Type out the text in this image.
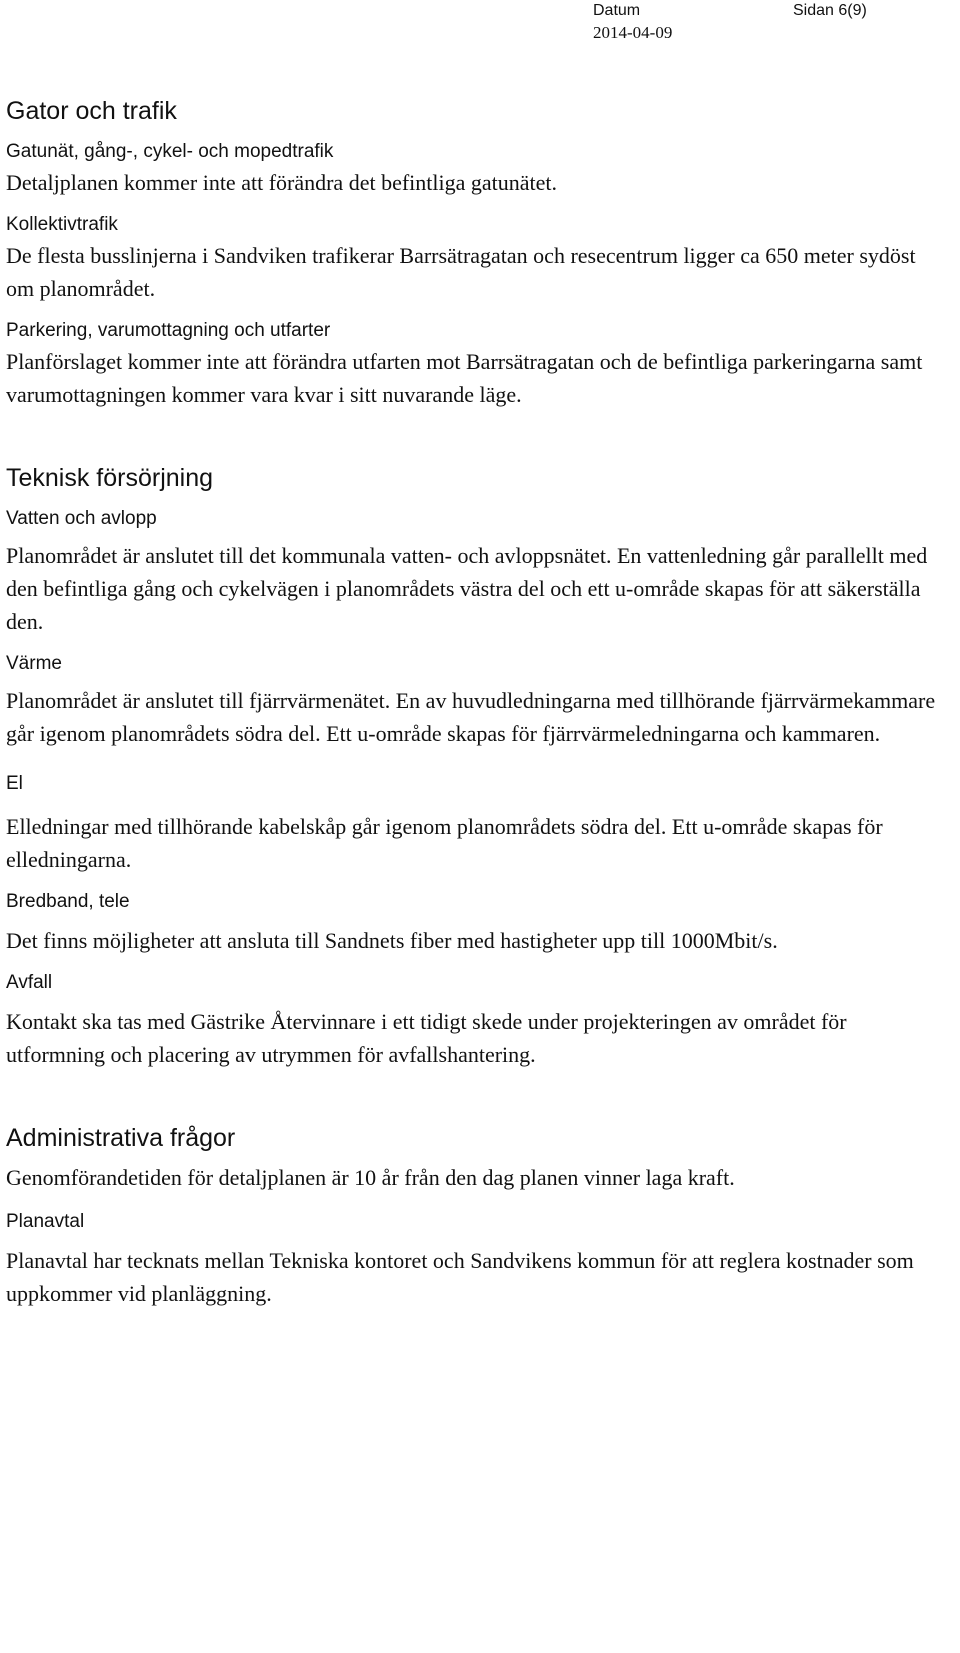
Datum	Sidan 6(9)
2014-04-09
Gator och trafik
Gatunät, gång-, cykel- och mopedtrafik

Detaljplanen kommer inte att förändra det befintliga gatunätet.

Kollektivtrafik

De flesta busslinjerna i Sandviken trafikerar Barrsätragatan och resecentrum ligger ca 650 meter sydöst om planområdet.

Parkering, varumottagning och utfarter

Planförslaget kommer inte att förändra utfarten mot Barrsätragatan och de befintliga parkeringarna samt varumottagningen kommer vara kvar i sitt nuvarande läge.

Teknisk försörjning
Vatten och avlopp

Planområdet är anslutet till det kommunala vatten- och avloppsnätet. En vattenledning går parallellt med den befintliga gång och cykelvägen i planområdets västra del och ett u-område skapas för att säkerställa den.

Värme

Planområdet är anslutet till fjärrvärmenätet. En av huvudledningarna med tillhörande fjärrvärmekammare går igenom planområdets södra del. Ett u-område skapas för fjärrvärmeledningarna och kammaren.

El

Elledningar med tillhörande kabelskåp går igenom planområdets södra del. Ett u-område skapas för elledningarna.

Bredband, tele

Det finns möjligheter att ansluta till Sandnets fiber med hastigheter upp till 1000Mbit/s.

Avfall

Kontakt ska tas med Gästrike Återvinnare i ett tidigt skede under projekteringen av området för utformning och placering av utrymmen för avfallshantering.

Administrativa frågor

Genomförandetiden för detaljplanen är 10 år från den dag planen vinner laga kraft.

Planavtal

Planavtal har tecknats mellan Tekniska kontoret och Sandvikens kommun för att reglera kostnader som uppkommer vid planläggning.
